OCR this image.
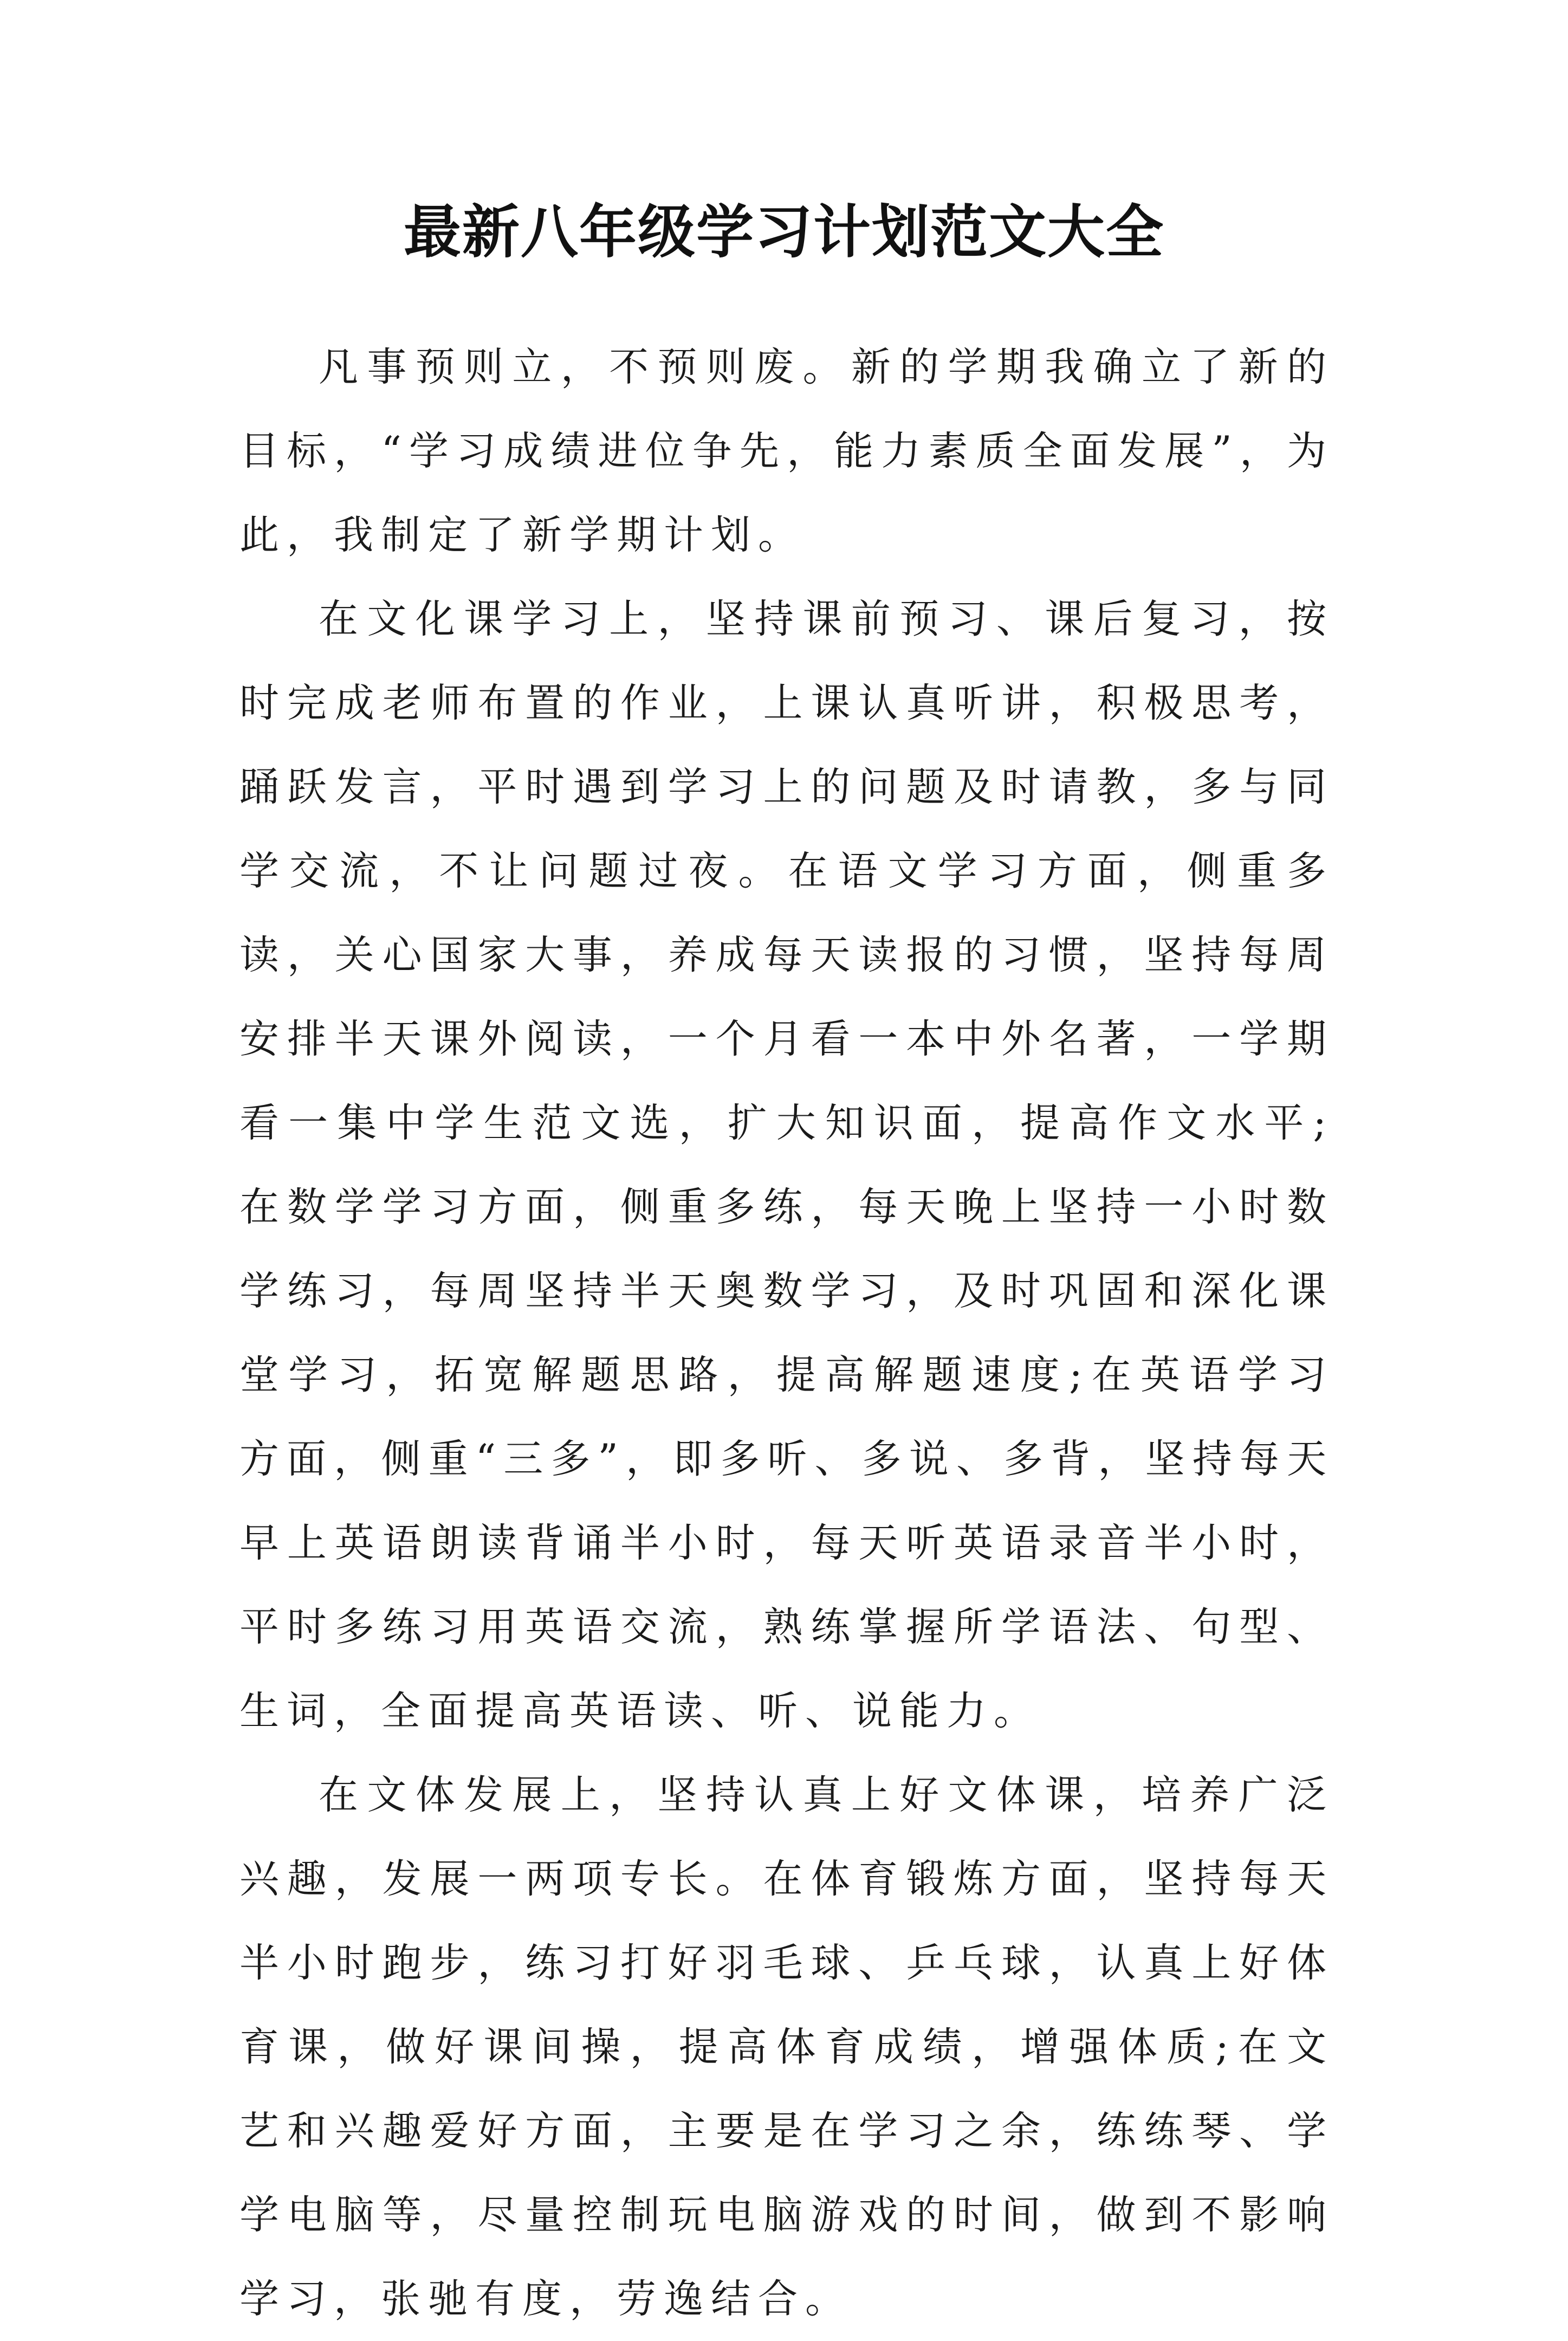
最新八年级学习计划范文大全

凡事预则立，不预则废。新的学期我确立了新的目标，“学习成绩进位争先，能力素质全面发展”，为此，我制定了新学期计划。

在文化课学习上，坚持课前预习、课后复习，按时完成老师布置的作业，上课认真听讲，积极思考，踊跃发言，平时遇到学习上的问题及时请教，多与同学交流，不让问题过夜。在语文学习方面，侧重多读，关心国家大事，养成每天读报的习惯，坚持每周安排半天课外阅读，一个月看一本中外名著，一学期看一集中学生范文选，扩大知识面，提高作文水平;在数学学习方面，侧重多练，每天晚上坚持一小时数学练习，每周坚持半天奥数学习，及时巩固和深化课堂学习，拓宽解题思路，提高解题速度;在英语学习方面，侧重“三多”，即多听、多说、多背，坚持每天早上英语朗读背诵半小时，每天听英语录音半小时，平时多练习用英语交流，熟练掌握所学语法、句型、生词，全面提高英语读、听、说能力。

在文体发展上，坚持认真上好文体课，培养广泛兴趣，发展一两项专长。在体育锻炼方面，坚持每天半小时跑步，练习打好羽毛球、乒乓球，认真上好体育课，做好课间操，提高体育成绩，增强体质;在文艺和兴趣爱好方面，主要是在学习之余，练练琴、学学电脑等，尽量控制玩电脑游戏的时间，做到不影响学习，张驰有度，劳逸结合。
